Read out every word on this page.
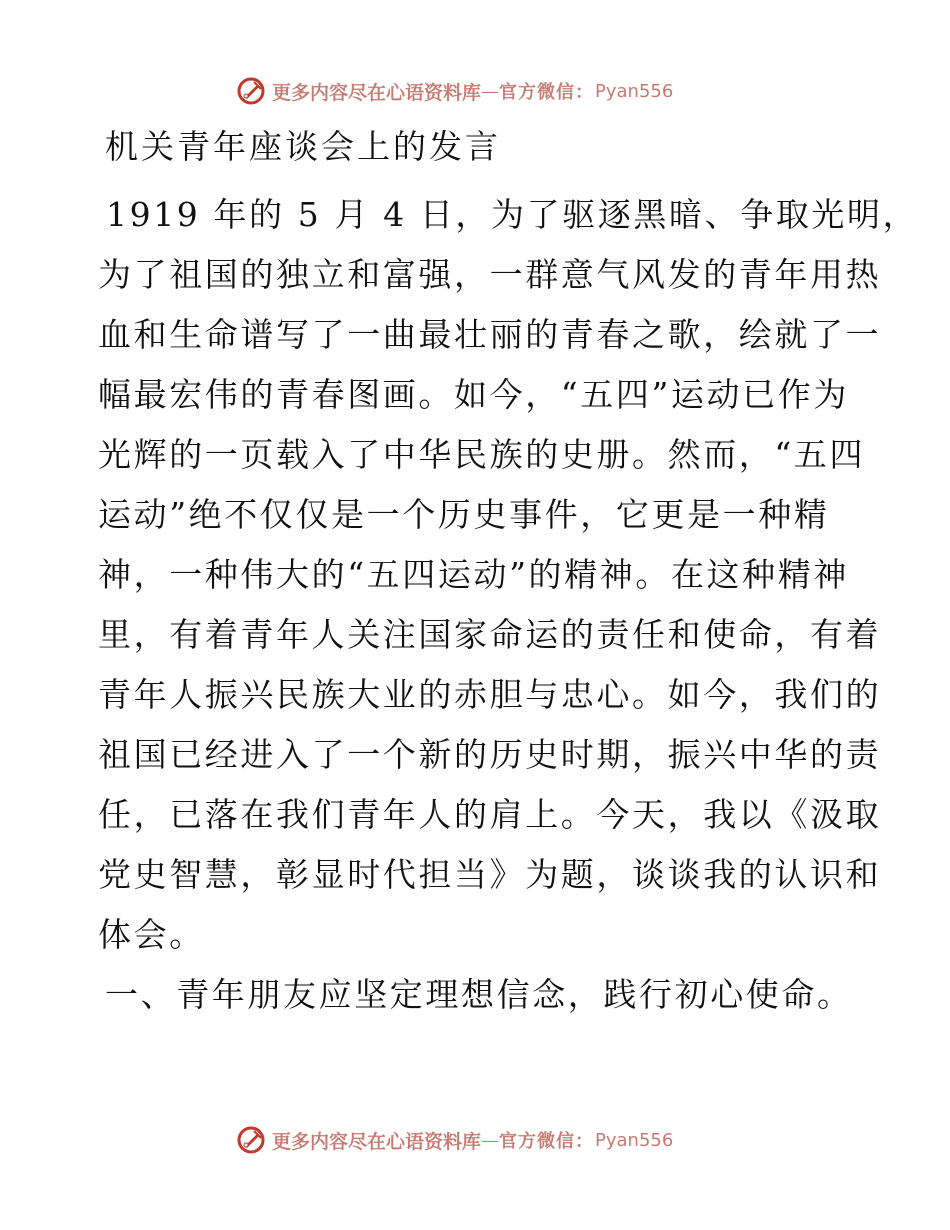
更多内容尽在心语资料库 — 官方微信： Pyan556
机关青年座谈会上的发言

1919 年的 5 月 4 日，为了驱逐黑暗、争取光明，

为了祖国的独立和富强，一群意气风发的青年用热

血和生命谱写了一曲最壮丽的青春之歌，绘就了一

幅最宏伟的青春图画。如今，“五四”运动已作为

光辉的一页载入了中华民族的史册。然而，“五四

运动”绝不仅仅是一个历史事件，它更是一种精

神，一种伟大的“五四运动”的精神。在这种精神

里，有着青年人关注国家命运的责任和使命，有着

青年人振兴民族大业的赤胆与忠心。如今，我们的

祖国已经进入了一个新的历史时期，振兴中华的责

任，已落在我们青年人的肩上。今天，我以《汲取

党史智慧，彰显时代担当》为题，谈谈我的认识和

体会。

一、青年朋友应坚定理想信念，践行初心使命。
更多内容尽在心语资料库 — 官方微信： Pyan556
